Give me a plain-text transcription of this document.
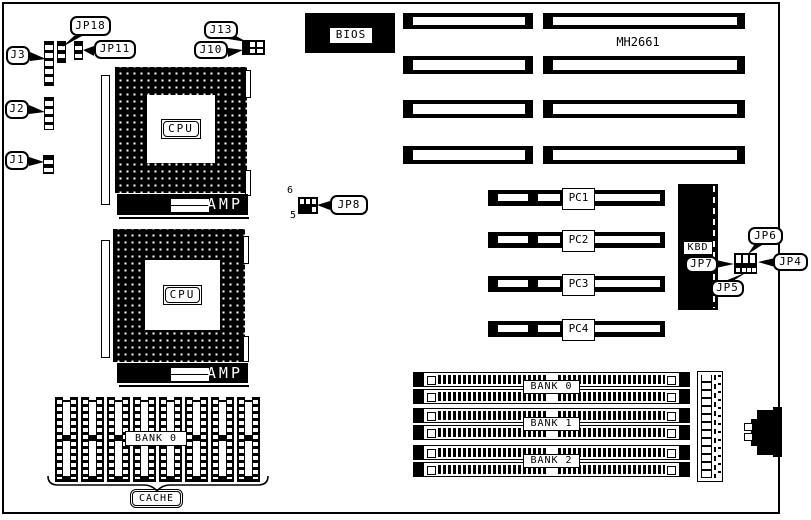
J3
JP18
JP11
J13
J10
J2
J1
JP8
CPU
AMP
CPU
AMP
6
5
BIOS
MH2661
PC1
PC2
PC3
PC4
KBD
JP6
JP4
JP7
JP5
BANK 0
BANK 1
BANK 2
BANK 0
CACHE
